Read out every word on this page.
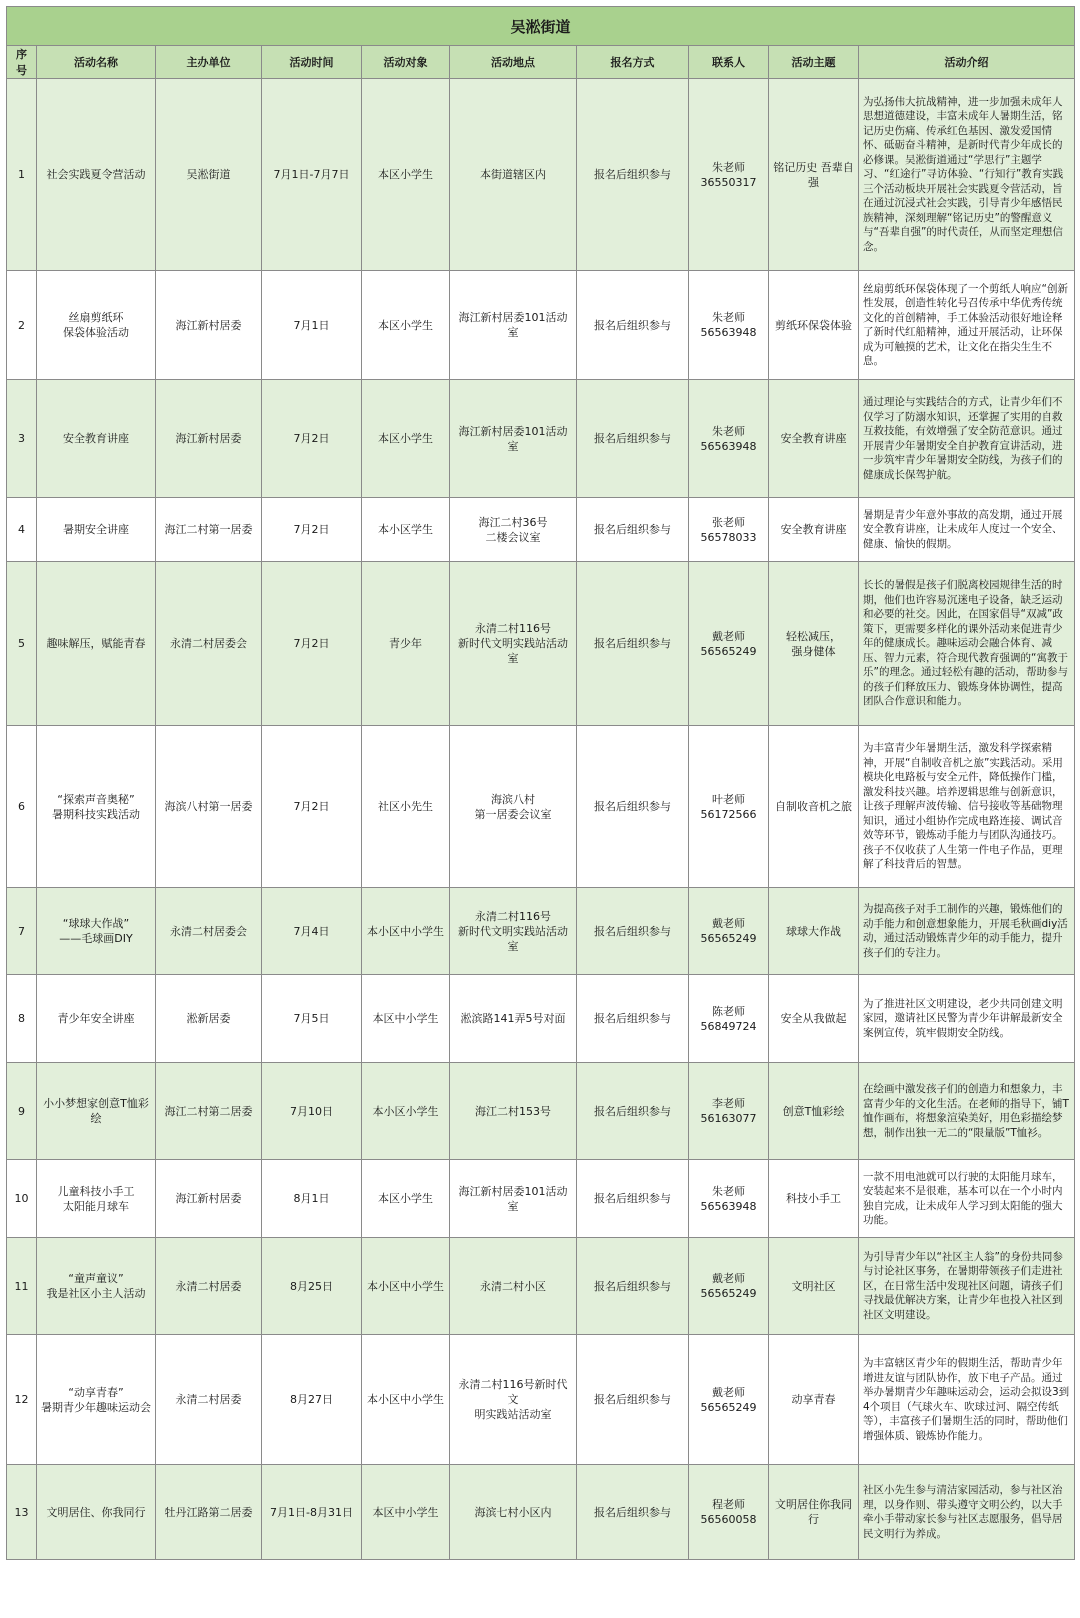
吴淞街道									
序号	活动名称	主办单位	活动时间	活动对象	活动地点	报名方式	联系人	活动主题	活动介绍
1	社会实践夏令营活动	吴淞街道	7月1日-7月7日	本区小学生	本街道辖区内	报名后组织参与	朱老师
36550317	铭记历史 吾辈自
强	为弘扬伟大抗战精神，进一步加强未成年人思想道德建设，丰富未成年人暑期生活，铭记历史伤痛、传承红色基因、激发爱国情怀、砥砺奋斗精神，是新时代青少年成长的必修课。吴淞街道通过“学思行”主题学习、“红途行”寻访体验、“行知行”教育实践三个活动板块开展社会实践夏令营活动，旨在通过沉浸式社会实践，引导青少年感悟民族精神，深刻理解“铭记历史”的警醒意义与“吾辈自强”的时代责任，从而坚定理想信念。
2	丝扇剪纸环
保袋体验活动	海江新村居委	7月1日	本区小学生	海江新村居委101活动室	报名后组织参与	朱老师
56563948	剪纸环保袋体验	丝扇剪纸环保袋体现了一个剪纸人响应“创新性发展，创造性转化号召传承中华优秀传统文化的首创精神，手工体验活动很好地诠释了新时代红船精神，通过开展活动，让环保成为可触摸的艺术，让文化在指尖生生不息。
3	安全教育讲座	海江新村居委	7月2日	本区小学生	海江新村居委101活动室	报名后组织参与	朱老师
56563948	安全教育讲座	通过理论与实践结合的方式，让青少年们不仅学习了防溺水知识，还掌握了实用的自救互救技能，有效增强了安全防范意识。通过开展青少年暑期安全自护教育宣讲活动，进一步筑牢青少年暑期安全防线，为孩子们的健康成长保驾护航。
4	暑期安全讲座	海江二村第一居委	7月2日	本小区学生	海江二村36号
二楼会议室	报名后组织参与	张老师
56578033	安全教育讲座	暑期是青少年意外事故的高发期，通过开展安全教育讲座，让未成年人度过一个安全、健康、愉快的假期。
5	趣味解压，赋能青春	永清二村居委会	7月2日	青少年	永清二村116号
新时代文明实践站活动室	报名后组织参与	戴老师
56565249	轻松减压，
强身健体	长长的暑假是孩子们脱离校园规律生活的时期，他们也许容易沉迷电子设备，缺乏运动和必要的社交。因此，在国家倡导“双减”政策下，更需要多样化的课外活动来促进青少年的健康成长。趣味运动会融合体育、减压、智力元素，符合现代教育强调的“寓教于乐”的理念。通过轻松有趣的活动，帮助参与的孩子们释放压力、锻炼身体协调性，提高团队合作意识和能力。
6	“探索声音奥秘”
暑期科技实践活动	海滨八村第一居委	7月2日	社区小先生	海滨八村
第一居委会议室	报名后组织参与	叶老师
56172566	自制收音机之旅	为丰富青少年暑期生活，激发科学探索精神，开展“自制收音机之旅”实践活动。采用模块化电路板与安全元件，降低操作门槛，激发科技兴趣。培养逻辑思维与创新意识，让孩子理解声波传输、信号接收等基础物理知识，通过小组协作完成电路连接、调试音效等环节，锻炼动手能力与团队沟通技巧。孩子不仅收获了人生第一件电子作品，更理解了科技背后的智慧。
7	“球球大作战”
——毛球画DIY	永清二村居委会	7月4日	本小区中小学生	永清二村116号
新时代文明实践站活动室	报名后组织参与	戴老师
56565249	球球大作战	为提高孩子对手工制作的兴趣，锻炼他们的动手能力和创意想象能力，开展毛秋画diy活动，通过活动锻炼青少年的动手能力，提升孩子们的专注力。
8	青少年安全讲座	淞新居委	7月5日	本区中小学生	淞滨路141弄5号对面	报名后组织参与	陈老师
56849724	安全从我做起	为了推进社区文明建设，老少共同创建文明家园，邀请社区民警为青少年讲解最新安全案例宣传，筑牢假期安全防线。
9	小小梦想家创意T恤彩绘	海江二村第二居委	7月10日	本小区小学生	海江二村153号	报名后组织参与	李老师
56163077	创意T恤彩绘	在绘画中激发孩子们的创造力和想象力，丰富青少年的文化生活。在老师的指导下，铺T恤作画布，将想象渲染美好，用色彩描绘梦想，制作出独一无二的“限量版”T恤衫。
10	儿童科技小手工
太阳能月球车	海江新村居委	8月1日	本区小学生	海江新村居委101活动室	报名后组织参与	朱老师
56563948	科技小手工	一款不用电池就可以行驶的太阳能月球车，安装起来不是很难，基本可以在一个小时内独自完成，让未成年人学习到太阳能的强大功能。
11	“童声童议”
我是社区小主人活动	永清二村居委	8月25日	本小区中小学生	永清二村小区	报名后组织参与	戴老师
56565249	文明社区	为引导青少年以“社区主人翁”的身份共同参与讨论社区事务，在暑期带领孩子们走进社区，在日常生活中发现社区问题，请孩子们寻找最优解决方案，让青少年也投入社区到社区文明建设。
12	“动享青春”
暑期青少年趣味运动会	永清二村居委	8月27日	本小区中小学生	永清二村116号新时代文
明实践站活动室	报名后组织参与	戴老师
56565249	动享青春	为丰富辖区青少年的假期生活，帮助青少年增进友谊与团队协作，放下电子产品。通过举办暑期青少年趣味运动会，运动会拟设3到4个项目（气球火车、吹球过河、隔空传纸等），丰富孩子们暑期生活的同时，帮助他们增强体质、锻炼协作能力。
13	文明居住、你我同行	牡丹江路第二居委	7月1日-8月31日	本区中小学生	海滨七村小区内	报名后组织参与	程老师
56560058	文明居住你我同行	社区小先生参与清洁家园活动，参与社区治理，以身作则、带头遵守文明公约，以大手牵小手带动家长参与社区志愿服务，倡导居民文明行为养成。
